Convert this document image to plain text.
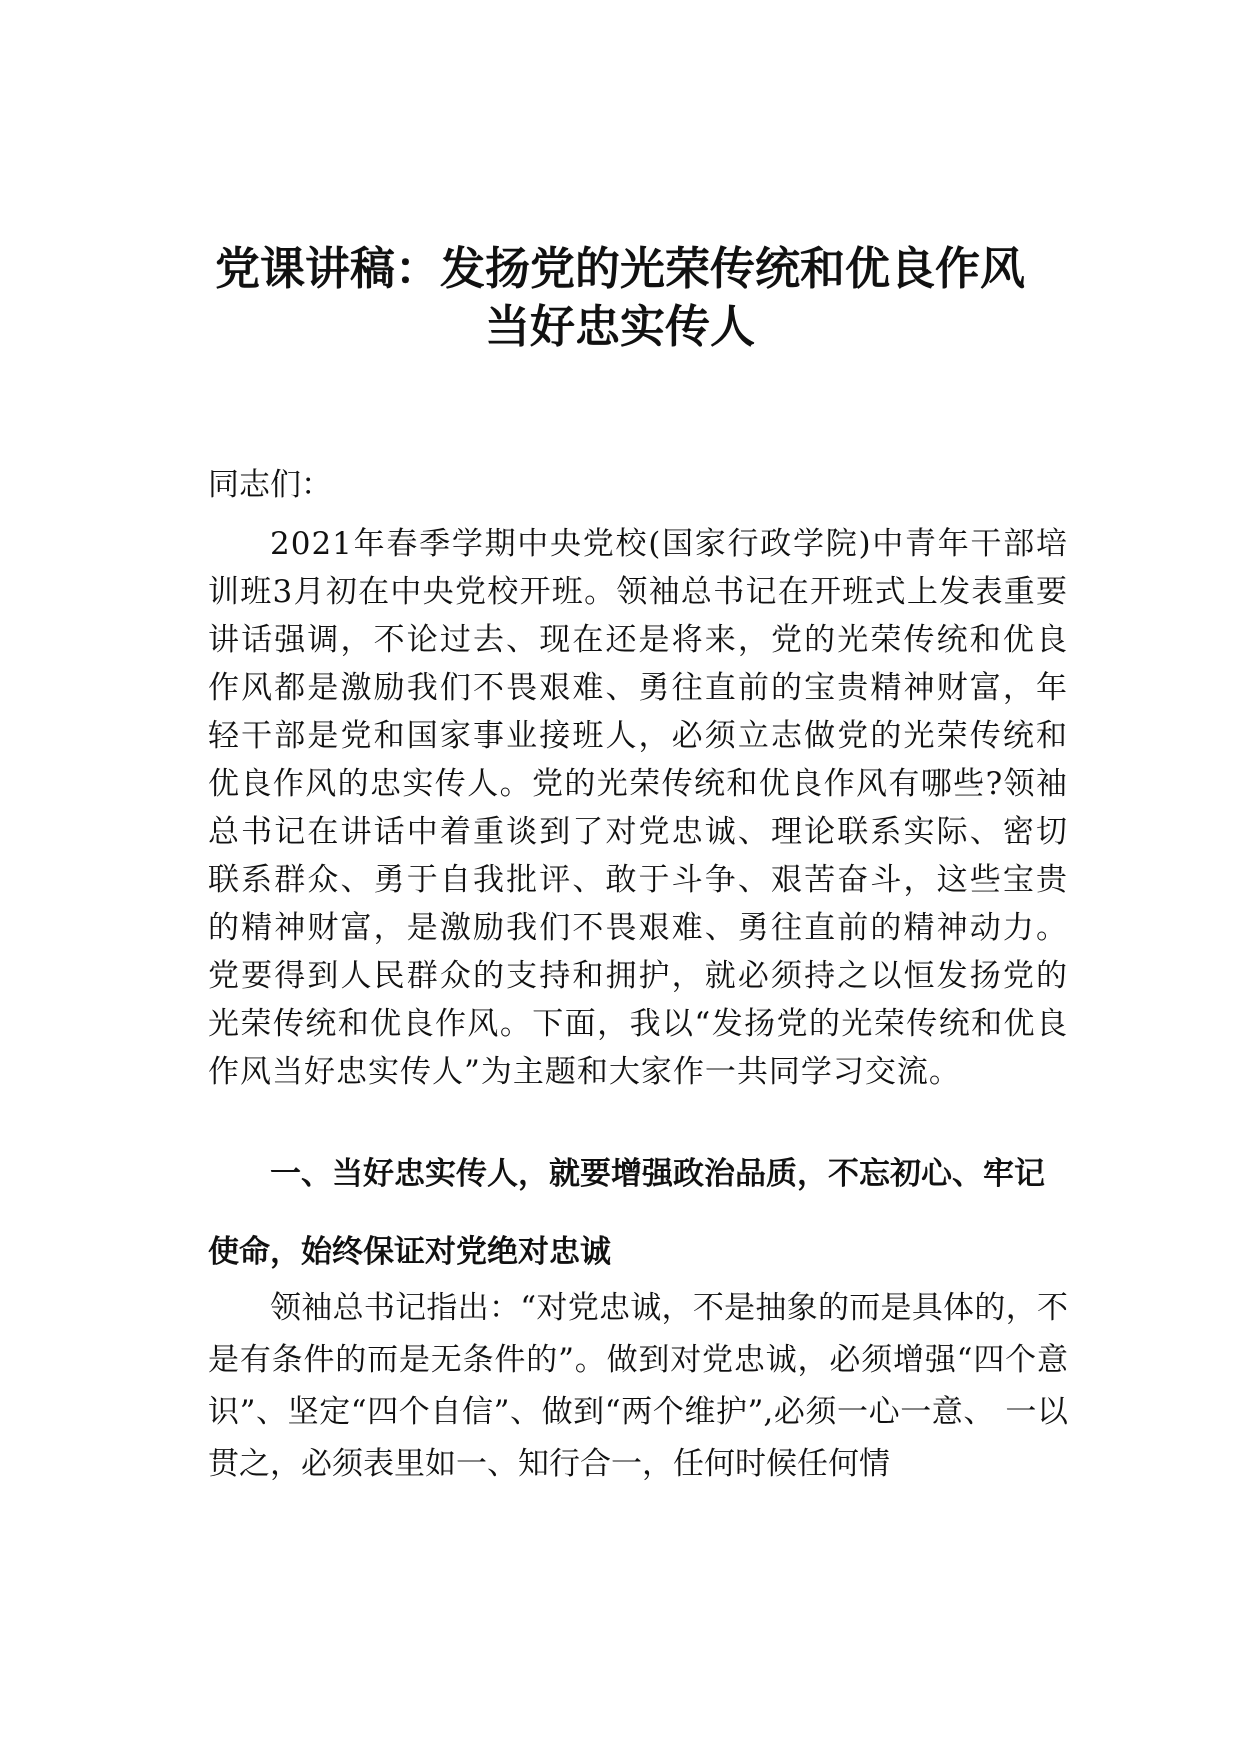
党课讲稿：发扬党的光荣传统和优良作风
当好忠实传人

同志们：

2021年春季学期中央党校(国家行政学院)中青年干部培训班3月初在中央党校开班。领袖总书记在开班式上发表重要讲话强调，不论过去、现在还是将来，党的光荣传统和优良作风都是激励我们不畏艰难、勇往直前的宝贵精神财富，年轻干部是党和国家事业接班人，必须立志做党的光荣传统和优良作风的忠实传人。党的光荣传统和优良作风有哪些?领袖总书记在讲话中着重谈到了对党忠诚、理论联系实际、密切联系群众、勇于自我批评、敢于斗争、艰苦奋斗，这些宝贵的精神财富，是激励我们不畏艰难、勇往直前的精神动力。党要得到人民群众的支持和拥护，就必须持之以恒发扬党的光荣传统和优良作风。下面，我以“发扬党的光荣传统和优良作风当好忠实传人”为主题和大家作一共同学习交流。

一、当好忠实传人，就要增强政治品质，不忘初心、牢记使命，始终保证对党绝对忠诚

领袖总书记指出：“对党忠诚，不是抽象的而是具体的，不是有条件的而是无条件的”。做到对党忠诚，必须增强“四个意识”、坚定“四个自信”、做到“两个维护”,必须一心一意、 一以贯之，必须表里如一、知行合一，任何时候任何情
